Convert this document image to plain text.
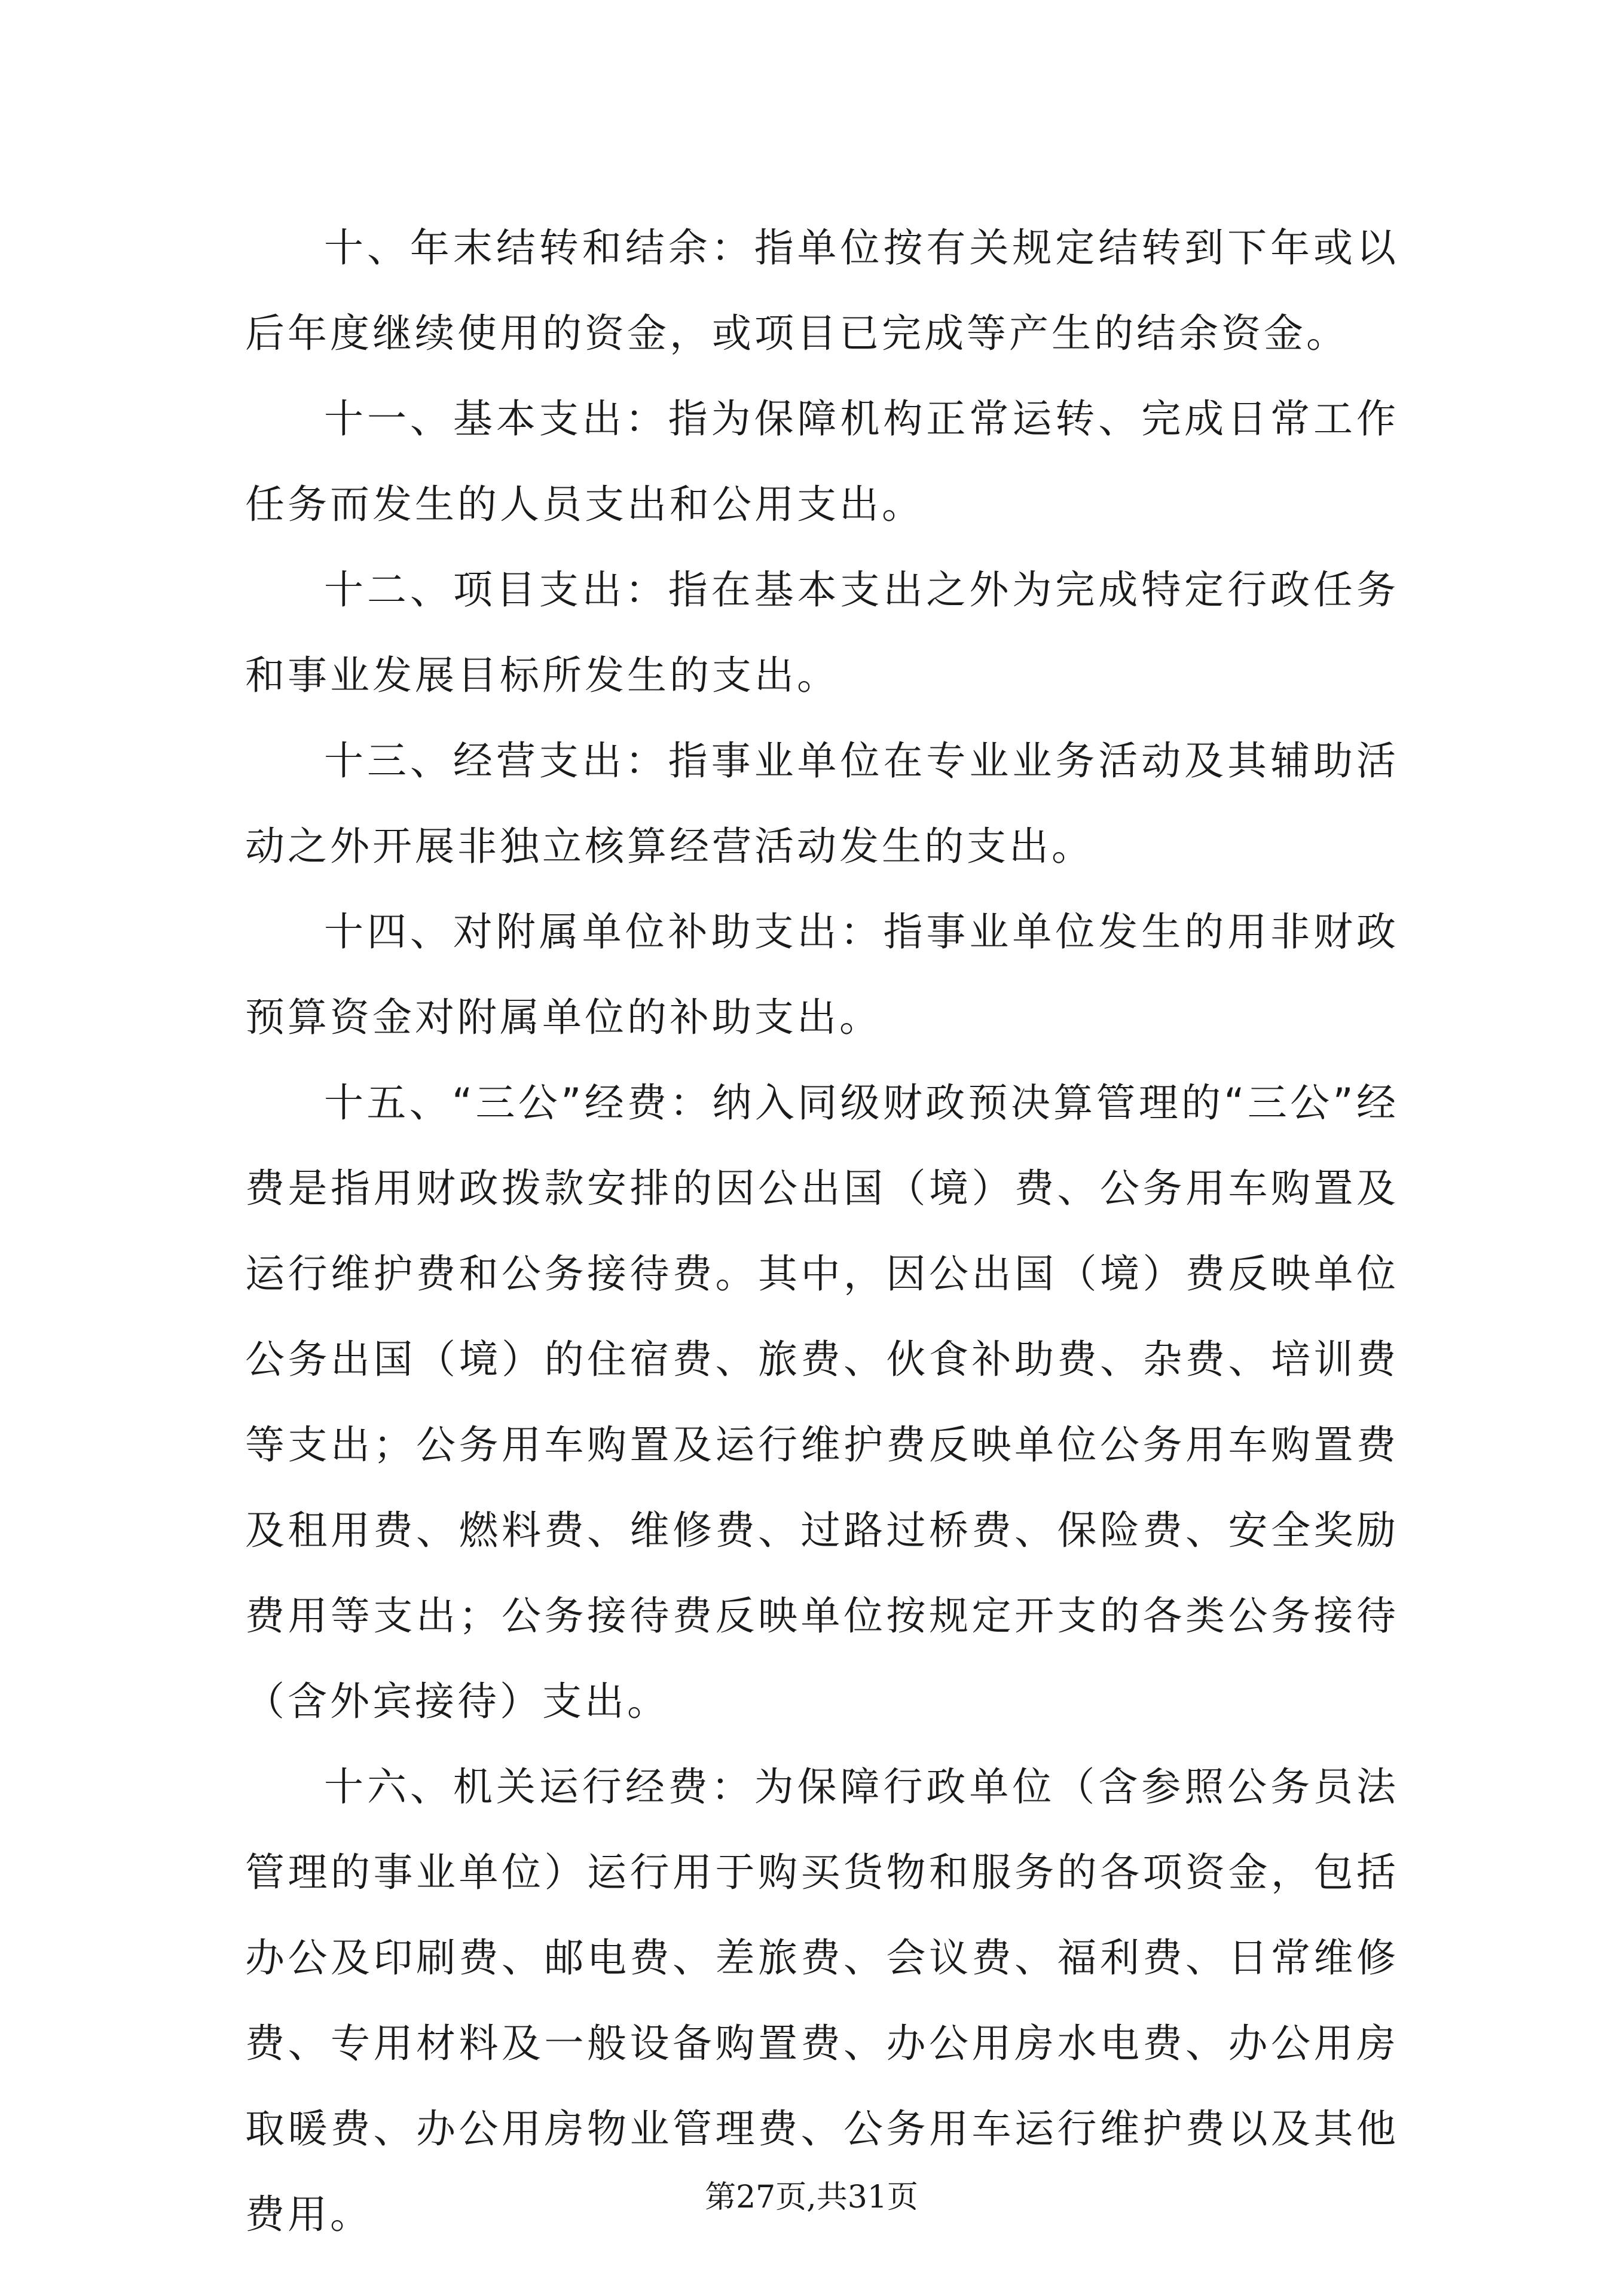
十、年末结转和结余：指单位按有关规定结转到下年或以后年度继续使用的资金，或项目已完成等产生的结余资金。

十一、基本支出：指为保障机构正常运转、完成日常工作任务而发生的人员支出和公用支出。

十二、项目支出：指在基本支出之外为完成特定行政任务和事业发展目标所发生的支出。

十三、经营支出：指事业单位在专业业务活动及其辅助活动之外开展非独立核算经营活动发生的支出。

十四、对附属单位补助支出：指事业单位发生的用非财政预算资金对附属单位的补助支出。

十五、“三公”经费：纳入同级财政预决算管理的“三公”经费是指用财政拨款安排的因公出国（境）费、公务用车购置及运行维护费和公务接待费。其中，因公出国（境）费反映单位公务出国（境）的住宿费、旅费、伙食补助费、杂费、培训费等支出；公务用车购置及运行维护费反映单位公务用车购置费及租用费、燃料费、维修费、过路过桥费、保险费、安全奖励费用等支出；公务接待费反映单位按规定开支的各类公务接待（含外宾接待）支出。

十六、机关运行经费：为保障行政单位（含参照公务员法管理的事业单位）运行用于购买货物和服务的各项资金，包括办公及印刷费、邮电费、差旅费、会议费、福利费、日常维修费、专用材料及一般设备购置费、办公用房水电费、办公用房取暖费、办公用房物业管理费、公务用车运行维护费以及其他费用。	第27页,共31页
